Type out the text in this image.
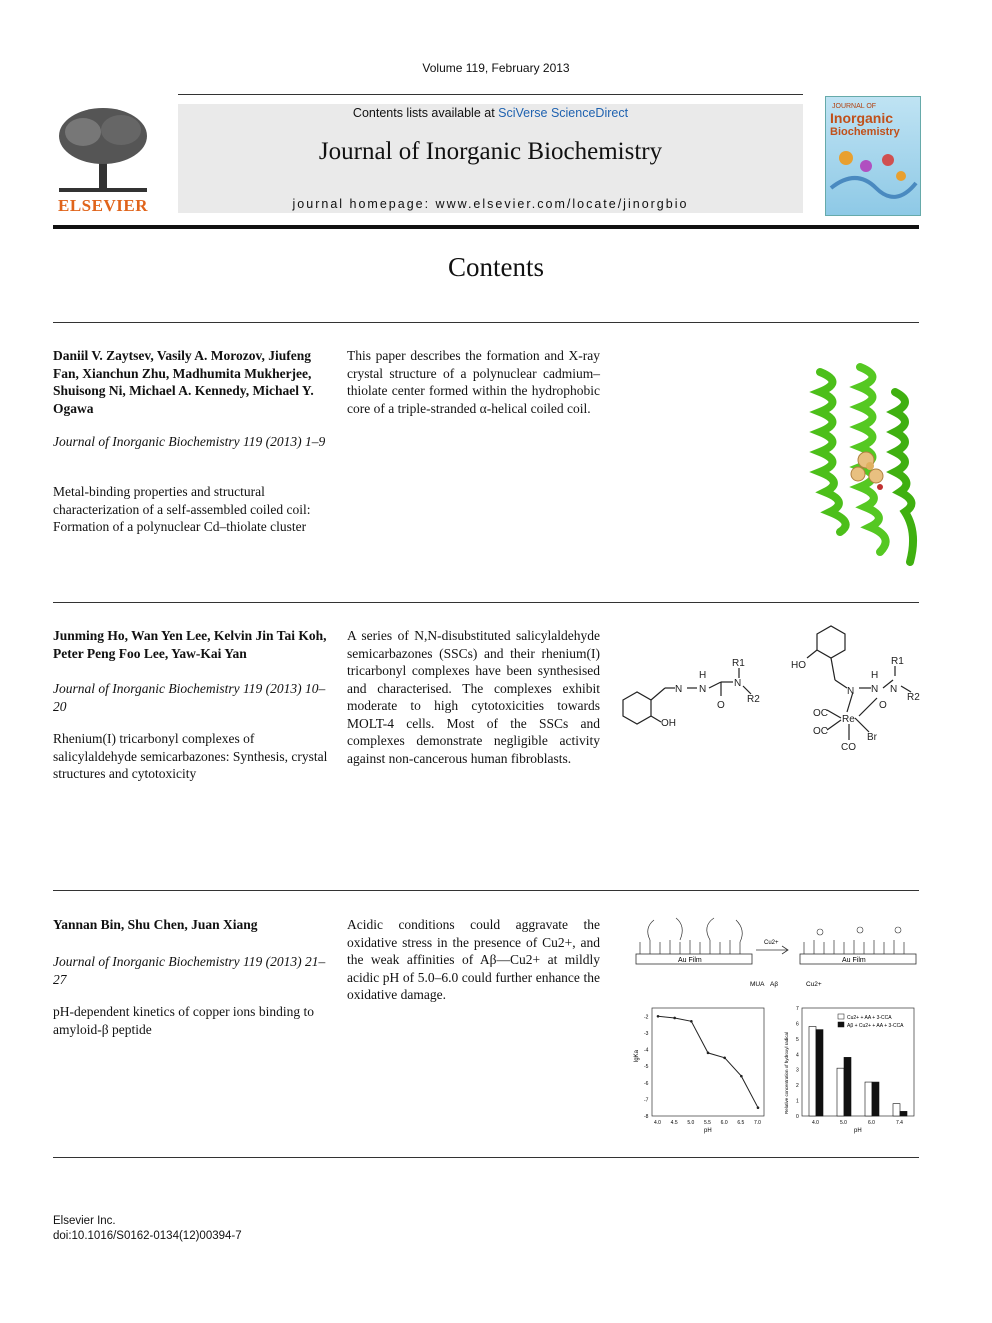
Volume 119, February 2013
ELSEVIER
Contents lists available at SciVerse ScienceDirect
Journal of Inorganic Biochemistry
journal homepage: www.elsevier.com/locate/jinorgbio
JOURNAL OF
Inorganic
Biochemistry
Contents
Daniil V. Zaytsev, Vasily A. Morozov, Jiufeng Fan, Xianchun Zhu, Madhumita Mukherjee, Shuisong Ni, Michael A. Kennedy, Michael Y. Ogawa
Journal of Inorganic Biochemistry 119 (2013) 1–9
Metal-binding properties and structural characterization of a self-assembled coiled coil: Formation of a polynuclear Cd–thiolate cluster
This paper describes the formation and X-ray crystal structure of a polynuclear cadmium–thiolate center formed within the hydrophobic core of a triple-stranded α-helical coiled coil.
Junming Ho, Wan Yen Lee, Kelvin Jin Tai Koh, Peter Peng Foo Lee, Yaw-Kai Yan
Journal of Inorganic Biochemistry 119 (2013) 10–20
Rhenium(I) tricarbonyl complexes of salicylaldehyde semicarbazones: Synthesis, crystal structures and cytotoxicity
A series of N,N-disubstituted salicylaldehyde semicarbazones (SSCs) and their rhenium(I) tricarbonyl complexes have been synthesised and characterised. The complexes exhibit moderate to high cytotoxicities towards MOLT-4 cells. Most of the SSCs and complexes demonstrate negligible activity against non-cancerous human fibroblasts.
N N
H
O
N
R1
R2
OH
HO
N N
H
O
N
R1
R2
Re
OC
OC
Br
CO
Yannan Bin, Shu Chen, Juan Xiang
Journal of Inorganic Biochemistry 119 (2013) 21–27
pH-dependent kinetics of copper ions binding to amyloid-β peptide
Acidic conditions could aggravate the oxidative stress in the presence of Cu2+, and the weak affinities of Aβ—Cu2+ at mildly acidic pH of 5.0–6.0 could further enhance the oxidative damage.
Au Film
Cu2+
Au Film
MUA Aβ	Cu2+
-2
-3
-4
-5
-6
-7
-8
4.0 4.5 5.0 5.5 6.0 6.5 7.0
pH
lgKa
0
1
2
3
4
5
6
7
4.0	5.0	6.0	7.4
Cu2+ + AA + 3-CCA
Aβ + Cu2+ + AA + 3-CCA
pH
Relative concentration of hydroxyl radical
Elsevier Inc.
doi:10.1016/S0162-0134(12)00394-7
